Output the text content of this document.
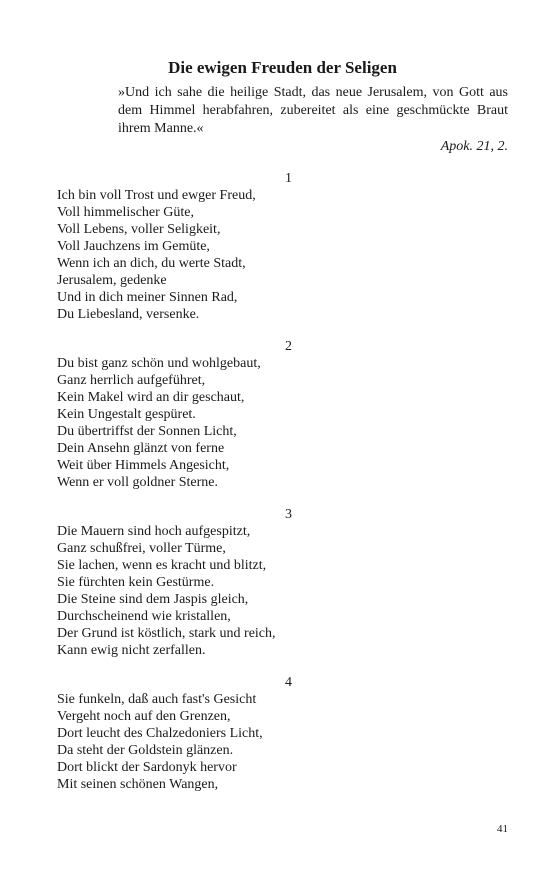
Die ewigen Freuden der Seligen
»Und ich sahe die heilige Stadt, das neue Jerusalem, von Gott aus dem Himmel herabfahren, zubereitet als eine geschmückte Braut ihrem Manne.«
Apok. 21, 2.
1
Ich bin voll Trost und ewger Freud,
Voll himmelischer Güte,
Voll Lebens, voller Seligkeit,
Voll Jauchzens im Gemüte,
Wenn ich an dich, du werte Stadt,
Jerusalem, gedenke
Und in dich meiner Sinnen Rad,
Du Liebesland, versenke.
2
Du bist ganz schön und wohlgebaut,
Ganz herrlich aufgeführet,
Kein Makel wird an dir geschaut,
Kein Ungestalt gespüret.
Du übertriffst der Sonnen Licht,
Dein Ansehn glänzt von ferne
Weit über Himmels Angesicht,
Wenn er voll goldner Sterne.
3
Die Mauern sind hoch aufgespitzt,
Ganz schußfrei, voller Türme,
Sie lachen, wenn es kracht und blitzt,
Sie fürchten kein Gestürme.
Die Steine sind dem Jaspis gleich,
Durchscheinend wie kristallen,
Der Grund ist köstlich, stark und reich,
Kann ewig nicht zerfallen.
4
Sie funkeln, daß auch fast's Gesicht
Vergeht noch auf den Grenzen,
Dort leucht des Chalzedoniers Licht,
Da steht der Goldstein glänzen.
Dort blickt der Sardonyk hervor
Mit seinen schönen Wangen,
41
